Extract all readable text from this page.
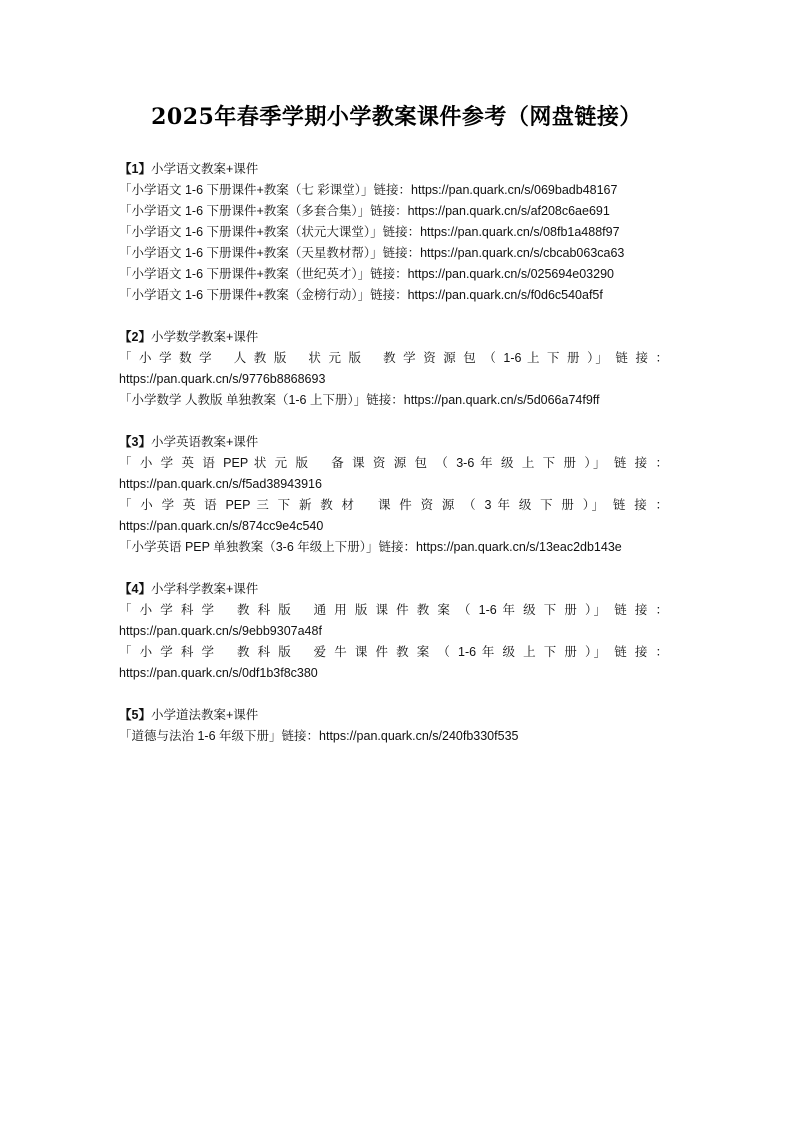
2025年春季学期小学教案课件参考（网盘链接）
【1】小学语文教案+课件
「小学语文 1-6 下册课件+教案（七 彩课堂）」链接：https://pan.quark.cn/s/069badb48167
「小学语文 1-6 下册课件+教案（多套合集）」链接：https://pan.quark.cn/s/af208c6ae691
「小学语文 1-6 下册课件+教案（状元大课堂）」链接：https://pan.quark.cn/s/08fb1a488f97
「小学语文 1-6 下册课件+教案（天星教材帮）」链接：https://pan.quark.cn/s/cbcab063ca63
「小学语文 1-6 下册课件+教案（世纪英才）」链接：https://pan.quark.cn/s/025694e03290
「小学语文 1-6 下册课件+教案（金榜行动）」链接：https://pan.quark.cn/s/f0d6c540af5f
【2】小学数学教案+课件
「 小 学 数 学 　人 教 版 　状 元 版 　教 学 资 源 包 （ 1-6 上 下 册 ）」 链 接 ：
https://pan.quark.cn/s/9776b8868693
「小学数学 人教版 单独教案（1-6 上下册）」链接：https://pan.quark.cn/s/5d066a74f9ff
【3】小学英语教案+课件
「 小 学 英 语 PEP 状 元 版 　备 课 资 源 包 （ 3-6 年 级 上 下 册 ）」 链 接 ：
https://pan.quark.cn/s/f5ad38943916
「 小 学 英 语 PEP 三 下 新 教 材 　课 件 资 源 （ 3 年 级 下 册 ）」 链 接 ：
https://pan.quark.cn/s/874cc9e4c540
「小学英语 PEP 单独教案（3-6 年级上下册）」链接：https://pan.quark.cn/s/13eac2db143e
【4】小学科学教案+课件
「 小 学 科 学 　教 科 版 　通 用 版 课 件 教 案 （ 1-6 年 级 下 册 ）」 链 接 ：
https://pan.quark.cn/s/9ebb9307a48f
「 小 学 科 学 　教 科 版 　爱 牛 课 件 教 案 （ 1-6 年 级 上 下 册 ）」 链 接 ：
https://pan.quark.cn/s/0df1b3f8c380
【5】小学道法教案+课件
「道德与法治 1-6 年级下册」链接：https://pan.quark.cn/s/240fb330f535
